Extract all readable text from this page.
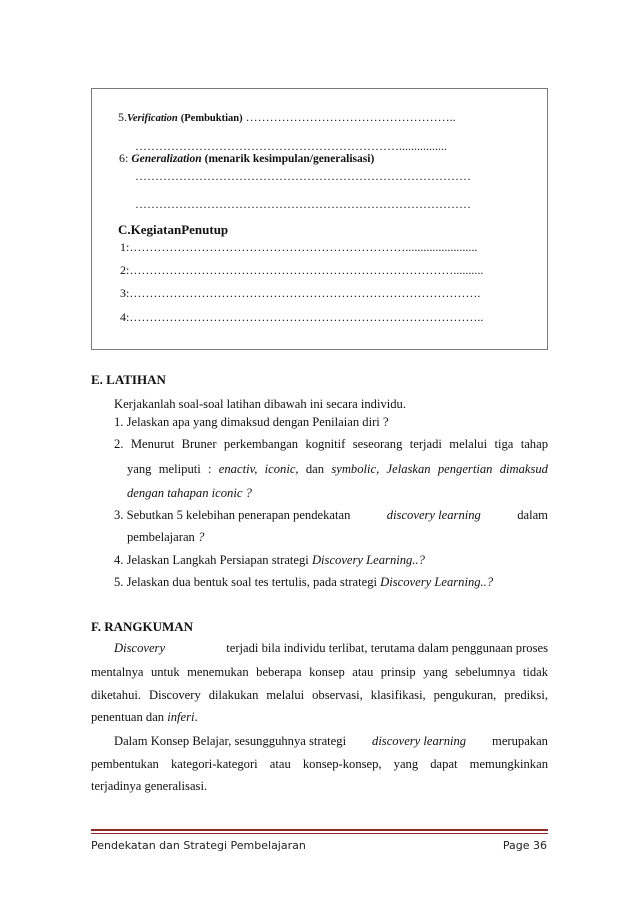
5.Verification (Pembuktian) ……………………………………………..
…………………………………………………………................
6: Generalization (menarik kesimpulan/generalisasi)
…………………………………………………………………………
…………………………………………………………………………
C.KegiatanPenutup
1:……………………………………………………………........................
2:………………………………………………………………………..........
3:…………………………………………………………………………….
4:……………………………………………………………………………..
E. LATIHAN
Kerjakanlah soal-soal latihan dibawah ini secara individu.
1. Jelaskan apa yang dimaksud dengan Penilaian diri ?
2. Menurut Bruner perkembangan kognitif seseorang terjadi melalui tiga tahap
yang meliputi : enactiv, iconic, dan symbolic, Jelaskan pengertian dimaksud
dengan tahapan iconic ?
3. Sebutkan 5 kelebihan penerapan pendekatan	discovery learning	dalam
pembelajaran ?
4. Jelaskan Langkah Persiapan strategi Discovery Learning..?
5. Jelaskan dua bentuk soal tes tertulis, pada strategi Discovery Learning..?
F. RANGKUMAN
Discovery	terjadi bila individu terlibat, terutama dalam penggunaan proses
mentalnya untuk menemukan beberapa konsep atau prinsip yang sebelumnya tidak
diketahui. Discovery dilakukan melalui observasi, klasifikasi, pengukuran, prediksi,
penentuan dan inferi.
Dalam Konsep Belajar, sesungguhnya strategi discovery learning merupakan
pembentukan kategori-kategori atau konsep-konsep, yang dapat memungkinkan
terjadinya generalisasi.
Pendekatan dan Strategi Pembelajaran	Page 36
